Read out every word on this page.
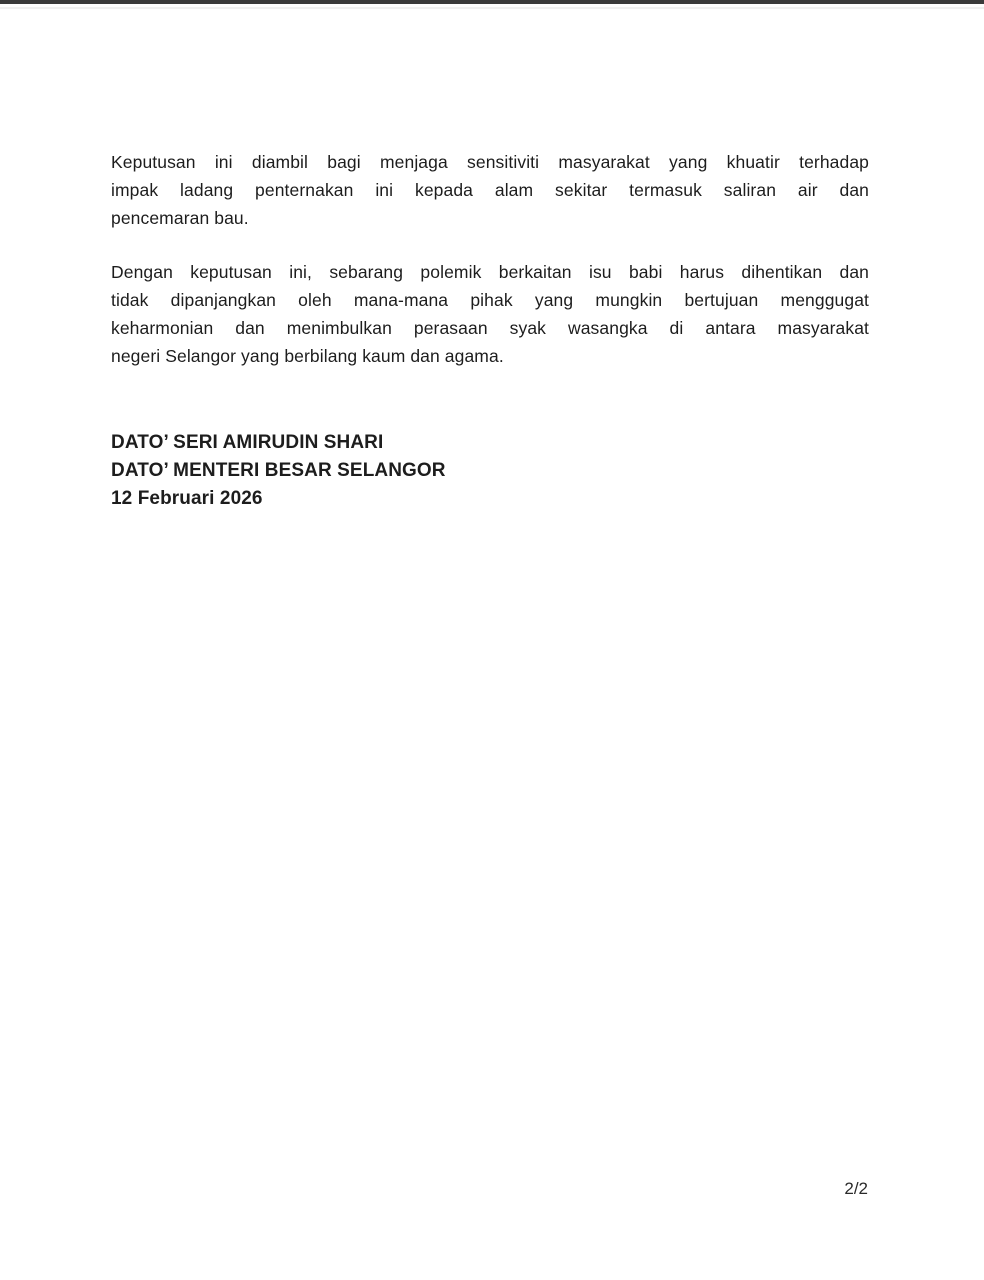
Keputusan ini diambil bagi menjaga sensitiviti masyarakat yang khuatir terhadap
impak ladang penternakan ini kepada alam sekitar termasuk saliran air dan
pencemaran bau.
Dengan keputusan ini, sebarang polemik berkaitan isu babi harus dihentikan dan
tidak dipanjangkan oleh mana-mana pihak yang mungkin bertujuan menggugat
keharmonian dan menimbulkan perasaan syak wasangka di antara masyarakat
negeri Selangor yang berbilang kaum dan agama.
DATO’ SERI AMIRUDIN SHARI
DATO’ MENTERI BESAR SELANGOR
12 Februari 2026
2/2
